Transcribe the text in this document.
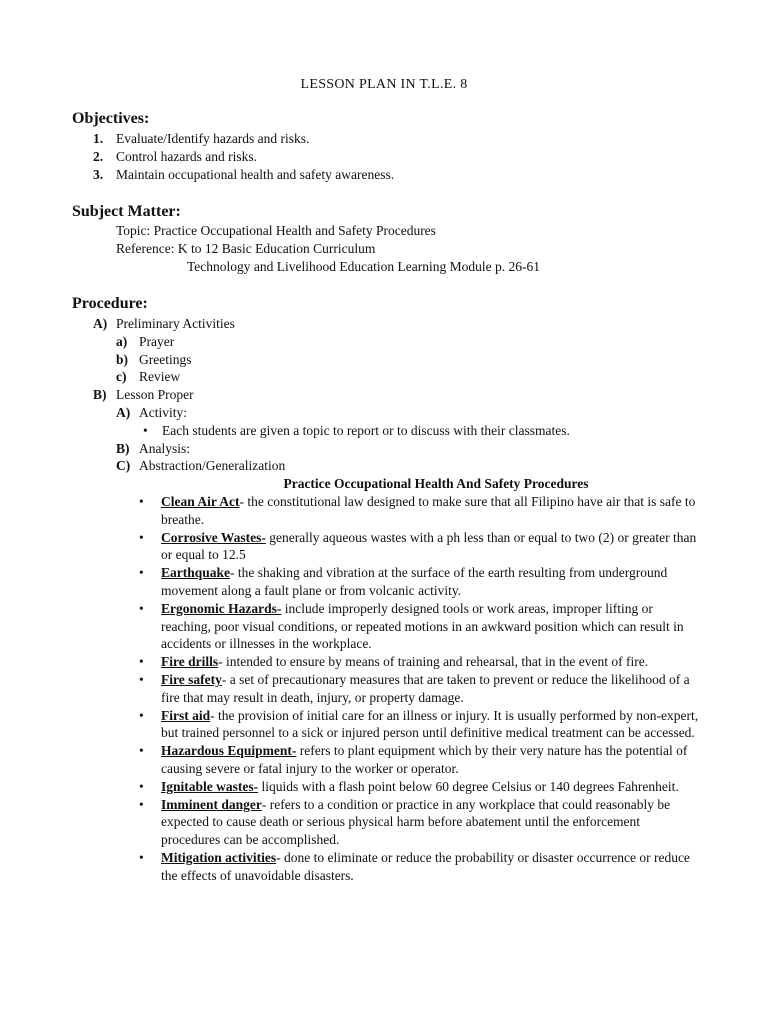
LESSON PLAN IN T.L.E. 8
Objectives:
1. Evaluate/Identify hazards and risks.
2. Control hazards and risks.
3. Maintain occupational health and safety awareness.
Subject Matter:
Topic: Practice Occupational Health and Safety Procedures
Reference: K to 12 Basic Education Curriculum
Technology and Livelihood Education Learning Module p. 26-61
Procedure:
A) Preliminary Activities
a) Prayer
b) Greetings
c) Review
B) Lesson Proper
A) Activity:
• Each students are given a topic to report or to discuss with their classmates.
B) Analysis:
C) Abstraction/Generalization
Practice Occupational Health And Safety Procedures
• Clean Air Act- the constitutional law designed to make sure that all Filipino have air that is safe to breathe.
• Corrosive Wastes- generally aqueous wastes with a ph less than or equal to two (2) or greater than or equal to 12.5
• Earthquake- the shaking and vibration at the surface of the earth resulting from underground movement along a fault plane or from volcanic activity.
• Ergonomic Hazards- include improperly designed tools or work areas, improper lifting or reaching, poor visual conditions, or repeated motions in an awkward position which can result in accidents or illnesses in the workplace.
• Fire drills- intended to ensure by means of training and rehearsal, that in the event of fire.
• Fire safety- a set of precautionary measures that are taken to prevent or reduce the likelihood of a fire that may result in death, injury, or property damage.
• First aid- the provision of initial care for an illness or injury. It is usually performed by non-expert, but trained personnel to a sick or injured person until definitive medical treatment can be accessed.
• Hazardous Equipment- refers to plant equipment which by their very nature has the potential of causing severe or fatal injury to the worker or operator.
• Ignitable wastes- liquids with a flash point below 60 degree Celsius or 140 degrees Fahrenheit.
• Imminent danger- refers to a condition or practice in any workplace that could reasonably be expected to cause death or serious physical harm before abatement until the enforcement procedures can be accomplished.
• Mitigation activities- done to eliminate or reduce the probability or disaster occurrence or reduce the effects of unavoidable disasters.
